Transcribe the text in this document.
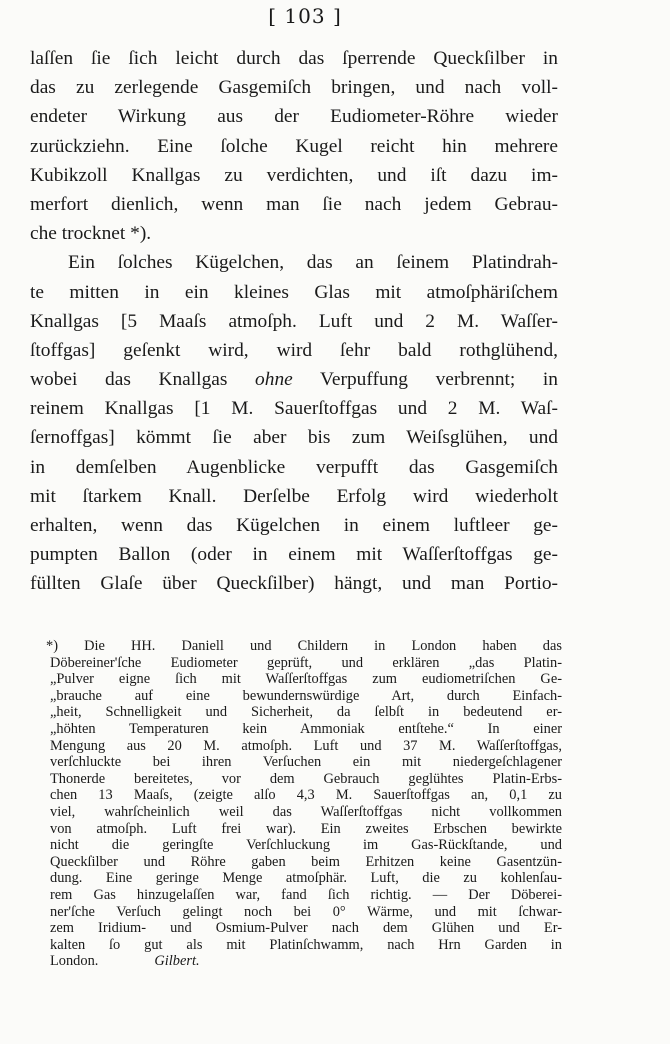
[ 103 ]
laſſen ſie ſich leicht durch das ſperrende Queckſilber in
das zu zerlegende Gasgemiſch bringen, und nach voll-
endeter Wirkung aus der Eudiometer-Röhre wieder
zurückziehn. Eine ſolche Kugel reicht hin mehrere
Kubikzoll Knallgas zu verdichten, und iſt dazu im-
merfort dienlich, wenn man ſie nach jedem Gebrau-
che trocknet *).
Ein ſolches Kügelchen, das an ſeinem Platindrah-
te mitten in ein kleines Glas mit atmoſphäriſchem
Knallgas [5 Maaſs atmoſph. Luft und 2 M. Waſſer-
ſtoffgas] geſenkt wird, wird ſehr bald rothglühend,
wobei das Knallgas ohne Verpuffung verbrennt; in
reinem Knallgas [1 M. Sauerſtoffgas und 2 M. Waſ-
ſernoffgas] kömmt ſie aber bis zum Weiſsglühen, und
in demſelben Augenblicke verpufft das Gasgemiſch
mit ſtarkem Knall. Derſelbe Erfolg wird wiederholt
erhalten, wenn das Kügelchen in einem luftleer ge-
pumpten Ballon (oder in einem mit Waſſerſtoffgas ge-
füllten Glaſe über Queckſilber) hängt, und man Portio-
*) Die HH. Daniell und Childern in London haben das
Döbereiner'ſche Eudiometer geprüft, und erklären „das Platin-
„Pulver eigne ſich mit Waſſerſtoffgas zum eudiometriſchen Ge-
„brauche auf eine bewundernswürdige Art, durch Einfach-
„heit, Schnelligkeit und Sicherheit, da ſelbſt in bedeutend er-
„höhten Temperaturen kein Ammoniak entſtehe.“ In einer
Mengung aus 20 M. atmoſph. Luft und 37 M. Waſſerſtoffgas,
verſchluckte bei ihren Verſuchen ein mit niedergeſchlagener
Thonerde bereitetes, vor dem Gebrauch geglühtes Platin-Erbs-
chen 13 Maaſs, (zeigte alſo 4,3 M. Sauerſtoffgas an, 0,1 zu
viel, wahrſcheinlich weil das Waſſerſtoffgas nicht vollkommen
von atmoſph. Luft frei war). Ein zweites Erbschen bewirkte
nicht die geringſte Verſchluckung im Gas-Rückſtande, und
Queckſilber und Röhre gaben beim Erhitzen keine Gasentzün-
dung. Eine geringe Menge atmoſphär. Luft, die zu kohlenſau-
rem Gas hinzugelaſſen war, fand ſich richtig. — Der Döberei-
ner'ſche Verſuch gelingt noch bei 0° Wärme, und mit ſchwar-
zem Iridium- und Osmium-Pulver nach dem Glühen und Er-
kalten ſo gut als mit Platinſchwamm, nach Hrn Garden in
London.	Gilbert.
